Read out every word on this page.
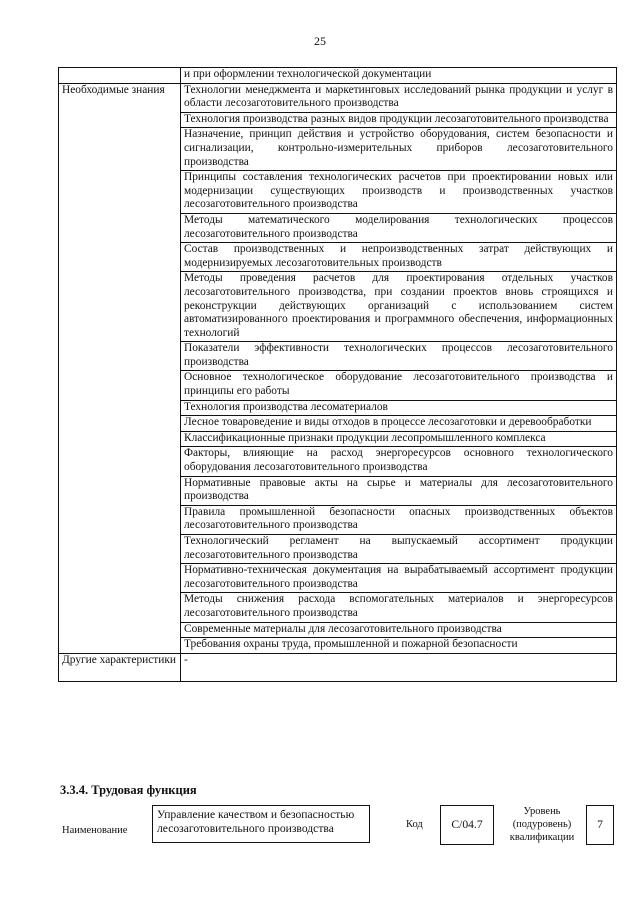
25
	и при оформлении технологической документации
Необходимые знания	Технологии менеджмента и маркетинговых исследований рынка продукции и услуг в области лесозаготовительного производства
	Технология производства разных видов продукции лесозаготовительного производства
	Назначение, принцип действия и устройство оборудования, систем безопасности и сигнализации, контрольно-измерительных приборов лесозаготовительного производства
	Принципы составления технологических расчетов при проектировании новых или модернизации существующих производств и производственных участков лесозаготовительного производства
	Методы математического моделирования технологических процессов лесозаготовительного производства
	Состав производственных и непроизводственных затрат действующих и модернизируемых лесозаготовительных производств
	Методы проведения расчетов для проектирования отдельных участков лесозаготовительного производства, при создании проектов вновь строящихся и реконструкции действующих организаций с использованием систем автоматизированного проектирования и программного обеспечения, информационных технологий
	Показатели эффективности технологических процессов лесозаготовительного производства
	Основное технологическое оборудование лесозаготовительного производства и принципы его работы
	Технология производства лесоматериалов
	Лесное товароведение и виды отходов в процессе лесозаготовки и деревообработки
	Классификационные признаки продукции лесопромышленного комплекса
	Факторы, влияющие на расход энергоресурсов основного технологического оборудования лесозаготовительного производства
	Нормативные правовые акты на сырье и материалы для лесозаготовительного производства
	Правила промышленной безопасности опасных производственных объектов лесозаготовительного производства
	Технологический регламент на выпускаемый ассортимент продукции лесозаготовительного производства
	Нормативно-техническая документация на вырабатываемый ассортимент продукции лесозаготовительного производства
	Методы снижения расхода вспомогательных материалов и энергоресурсов лесозаготовительного производства
	Современные материалы для лесозаготовительного производства
	Требования охраны труда, промышленной и пожарной безопасности
Другие характеристики	-
3.3.4. Трудовая функция
Наименование
Управление качеством и безопасностью лесозаготовительного производства	Код С/04.7
Уровень (подуровень) квалификации
7
